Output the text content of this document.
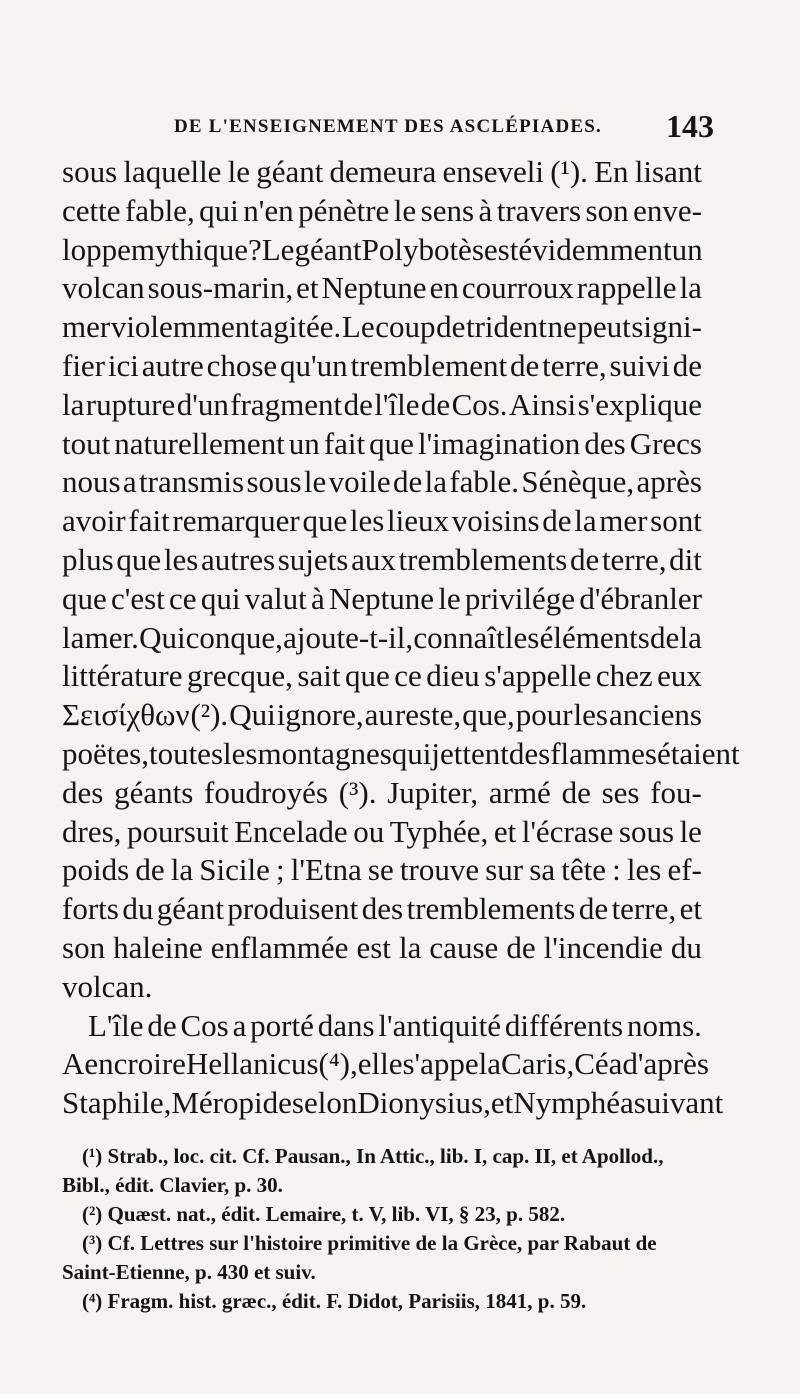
DE L'ENSEIGNEMENT DES ASCLÉPIADES. 143
sous laquelle le géant demeura enseveli (¹). En lisant
cette fable, qui n'en pénètre le sens à travers son enve-
loppe mythique ? Le géant Polybotès est évidemment un
volcan sous-marin, et Neptune en courroux rappelle la
mer violemment agitée. Le coup de trident ne peut signi-
fier ici autre chose qu'un tremblement de terre, suivi de
la rupture d'un fragment de l'île de Cos. Ainsi s'explique
tout naturellement un fait que l'imagination des Grecs
nous a transmis sous le voile de la fable. Sénèque, après
avoir fait remarquer que les lieux voisins de la mer sont
plus que les autres sujets aux tremblements de terre, dit
que c'est ce qui valut à Neptune le privilége d'ébranler
la mer. Quiconque, ajoute-t-il, connaît les éléments de la
littérature grecque, sait que ce dieu s'appelle chez eux
Σεισίχθων (²). Qui ignore, au reste, que, pour les anciens
poëtes, toutes les montagnes qui jettent des flammes étaient
des géants foudroyés (³). Jupiter, armé de ses fou-
dres, poursuit Encelade ou Typhée, et l'écrase sous le
poids de la Sicile ; l'Etna se trouve sur sa tête : les ef-
forts du géant produisent des tremblements de terre, et
son haleine enflammée est la cause de l'incendie du
volcan.
L'île de Cos a porté dans l'antiquité différents noms.
A en croire Hellanicus (⁴), elle s'appela Caris, Céa d'après
Staphile, Méropide selon Dionysius, et Nymphéa suivant
(¹) Strab., loc. cit. Cf. Pausan., In Attic., lib. I, cap. II, et Apollod.,
Bibl., édit. Clavier, p. 30.
(²) Quæst. nat., édit. Lemaire, t. V, lib. VI, § 23, p. 582.
(³) Cf. Lettres sur l'histoire primitive de la Grèce, par Rabaut de
Saint-Etienne, p. 430 et suiv.
(⁴) Fragm. hist. græc., édit. F. Didot, Parisiis, 1841, p. 59.
